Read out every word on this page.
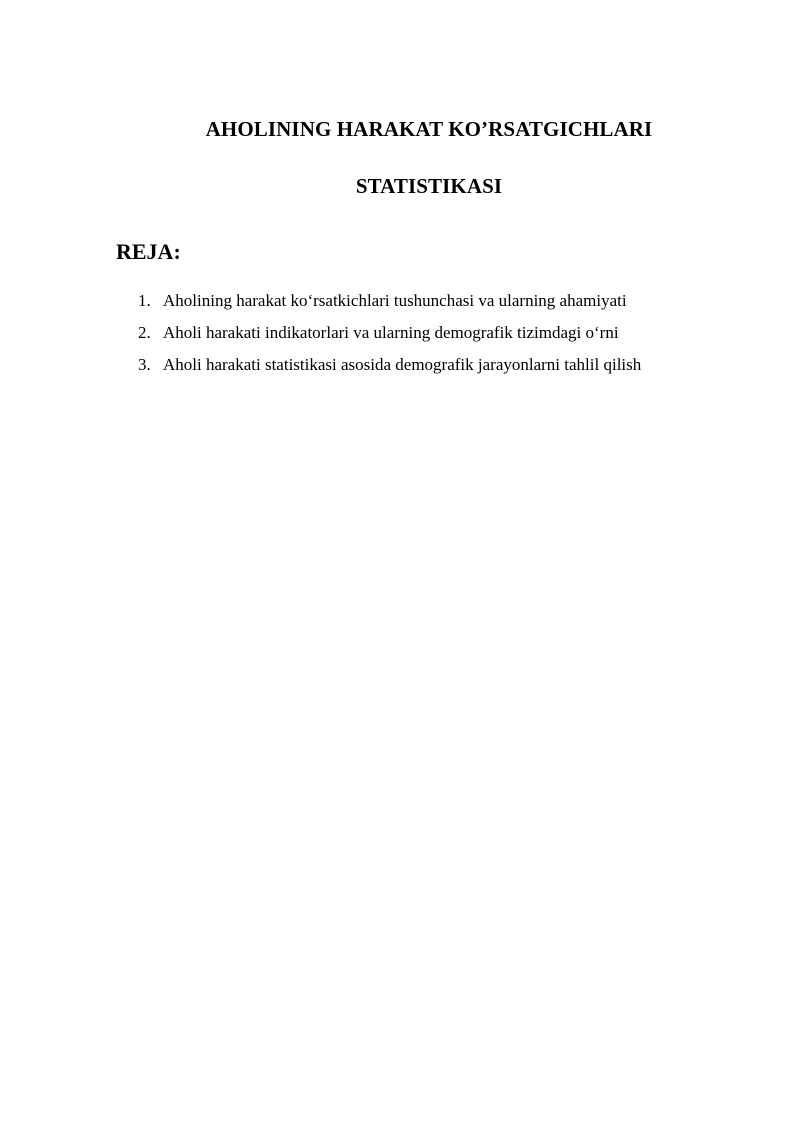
AHOLINING HARAKAT KO’RSATGICHLARI
STATISTIKASI
REJA:
1. Aholining harakat ko‘rsatkichlari tushunchasi va ularning ahamiyati
2. Aholi harakati indikatorlari va ularning demografik tizimdagi o‘rni
3. Aholi harakati statistikasi asosida demografik jarayonlarni tahlil qilish
